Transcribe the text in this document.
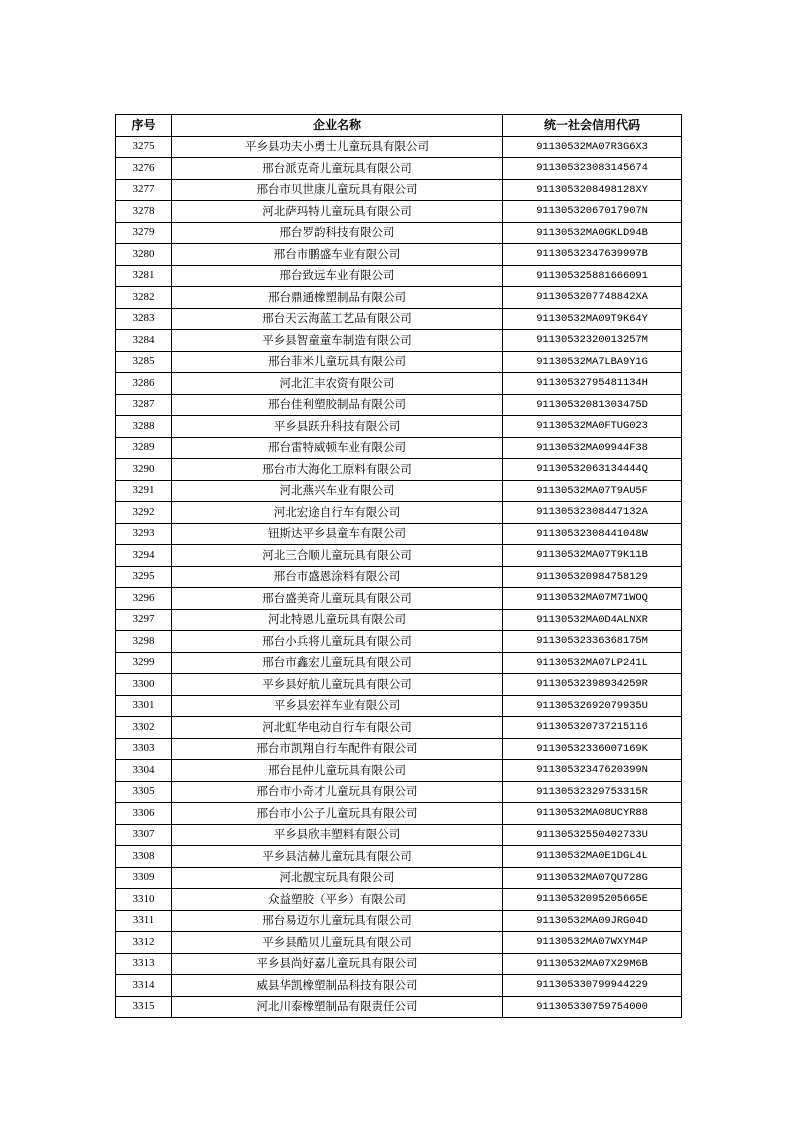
序号	企业名称	统一社会信用代码
3275	平乡县功夫小勇士儿童玩具有限公司	91130532MA07R3G6X3
3276	邢台派克奇儿童玩具有限公司	911305323083145674
3277	邢台市贝世康儿童玩具有限公司	9113053208498128XY
3278	河北萨玛特儿童玩具有限公司	91130532067017907N
3279	邢台罗韵科技有限公司	91130532MA0GKLD94B
3280	邢台市鹏盛车业有限公司	91130532347639997B
3281	邢台致远车业有限公司	911305325881666091
3282	邢台鼎通橡塑制品有限公司	9113053207748842XA
3283	邢台天云海蓝工艺品有限公司	91130532MA09T9K64Y
3284	平乡县智童童车制造有限公司	91130532320013257M
3285	邢台菲米儿童玩具有限公司	91130532MA7LBA9Y1G
3286	河北汇丰农资有限公司	91130532795481134H
3287	邢台佳利塑胶制品有限公司	91130532081303475D
3288	平乡县跃升科技有限公司	91130532MA0FTUG023
3289	邢台雷特威顿车业有限公司	91130532MA09944F38
3290	邢台市大海化工原料有限公司	91130532063134444Q
3291	河北燕兴车业有限公司	91130532MA07T9AU5F
3292	河北宏途自行车有限公司	91130532308447132A
3293	钮斯达平乡县童车有限公司	91130532308441048W
3294	河北三合顺儿童玩具有限公司	91130532MA07T9K11B
3295	邢台市盛恩涂料有限公司	911305320984758129
3296	邢台盛美奇儿童玩具有限公司	91130532MA07M71WOQ
3297	河北特恩儿童玩具有限公司	91130532MA0D4ALNXR
3298	邢台小兵将儿童玩具有限公司	91130532336368175M
3299	邢台市鑫宏儿童玩具有限公司	91130532MA07LP241L
3300	平乡县好航儿童玩具有限公司	91130532398934259R
3301	平乡县宏祥车业有限公司	91130532692079935U
3302	河北虹华电动自行车有限公司	911305320737215116
3303	邢台市凯翔自行车配件有限公司	91130532336007169K
3304	邢台昆仲儿童玩具有限公司	91130532347620399N
3305	邢台市小奇才儿童玩具有限公司	91130532329753315R
3306	邢台市小公子儿童玩具有限公司	91130532MA08UCYR88
3307	平乡县欣丰塑料有限公司	91130532550402733U
3308	平乡县洁赫儿童玩具有限公司	91130532MA0E1DGL4L
3309	河北靓宝玩具有限公司	91130532MA07QU728G
3310	众益塑胶（平乡）有限公司	91130532095205665E
3311	邢台易迈尔儿童玩具有限公司	91130532MA09JRG04D
3312	平乡县酷贝儿童玩具有限公司	91130532MA07WXYM4P
3313	平乡县尚好嘉儿童玩具有限公司	91130532MA07X29M6B
3314	威县华凯橡塑制品科技有限公司	911305330799944229
3315	河北川泰橡塑制品有限责任公司	911305330759754000
